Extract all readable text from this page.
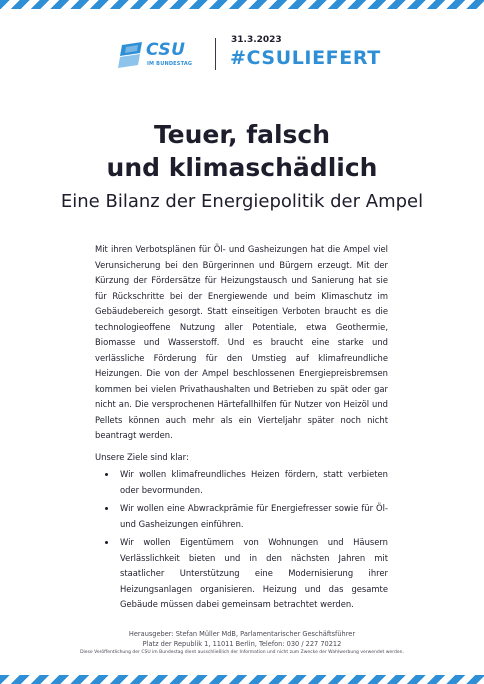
CSU
IM BUNDESTAG
31.3.2023
#CSULIEFERT
Teuer, falsch
und klimaschädlich
Eine Bilanz der Energiepolitik der Ampel

Mit ihren Verbotsplänen für Öl- und Gasheizungen hat die Ampel viel Verunsicherung bei den Bürgerinnen und Bürgern erzeugt. Mit der Kürzung der Fördersätze für Heizungstausch und Sanierung hat sie für Rückschritte bei der Energiewende und beim Klimaschutz im Gebäudebereich gesorgt. Statt einseitigen Verboten braucht es die technologieoffene Nutzung aller Potentiale, etwa Geothermie, Biomasse und Wasserstoff. Und es braucht eine starke und verlässliche Förderung für den Umstieg auf klimafreundliche Heizungen. Die von der Ampel beschlossenen Energiepreisbremsen kommen bei vielen Privathaushalten und Betrieben zu spät oder gar nicht an. Die versprochenen Härtefallhilfen für Nutzer von Heizöl und Pellets können auch mehr als ein Vierteljahr später noch nicht beantragt werden.

Unsere Ziele sind klar:

• Wir wollen klimafreundliches Heizen fördern, statt verbieten oder bevormunden.
• Wir wollen eine Abwrackprämie für Energiefresser sowie für Öl- und Gasheizungen einführen.
• Wir wollen Eigentümern von Wohnungen und Häusern Verlässlichkeit bieten und in den nächsten Jahren mit staatlicher Unterstützung eine Modernisierung ihrer Heizungsanlagen organisieren. Heizung und das gesamte Gebäude müssen dabei gemeinsam betrachtet werden.
Herausgeber: Stefan Müller MdB, Parlamentarischer Geschäftsführer
Platz der Republik 1, 11011 Berlin, Telefon: 030 / 227 70212
Diese Veröffentlichung der CSU im Bundestag dient ausschließlich der Information und nicht zum Zwecke der Wahlwerbung verwendet werden.
